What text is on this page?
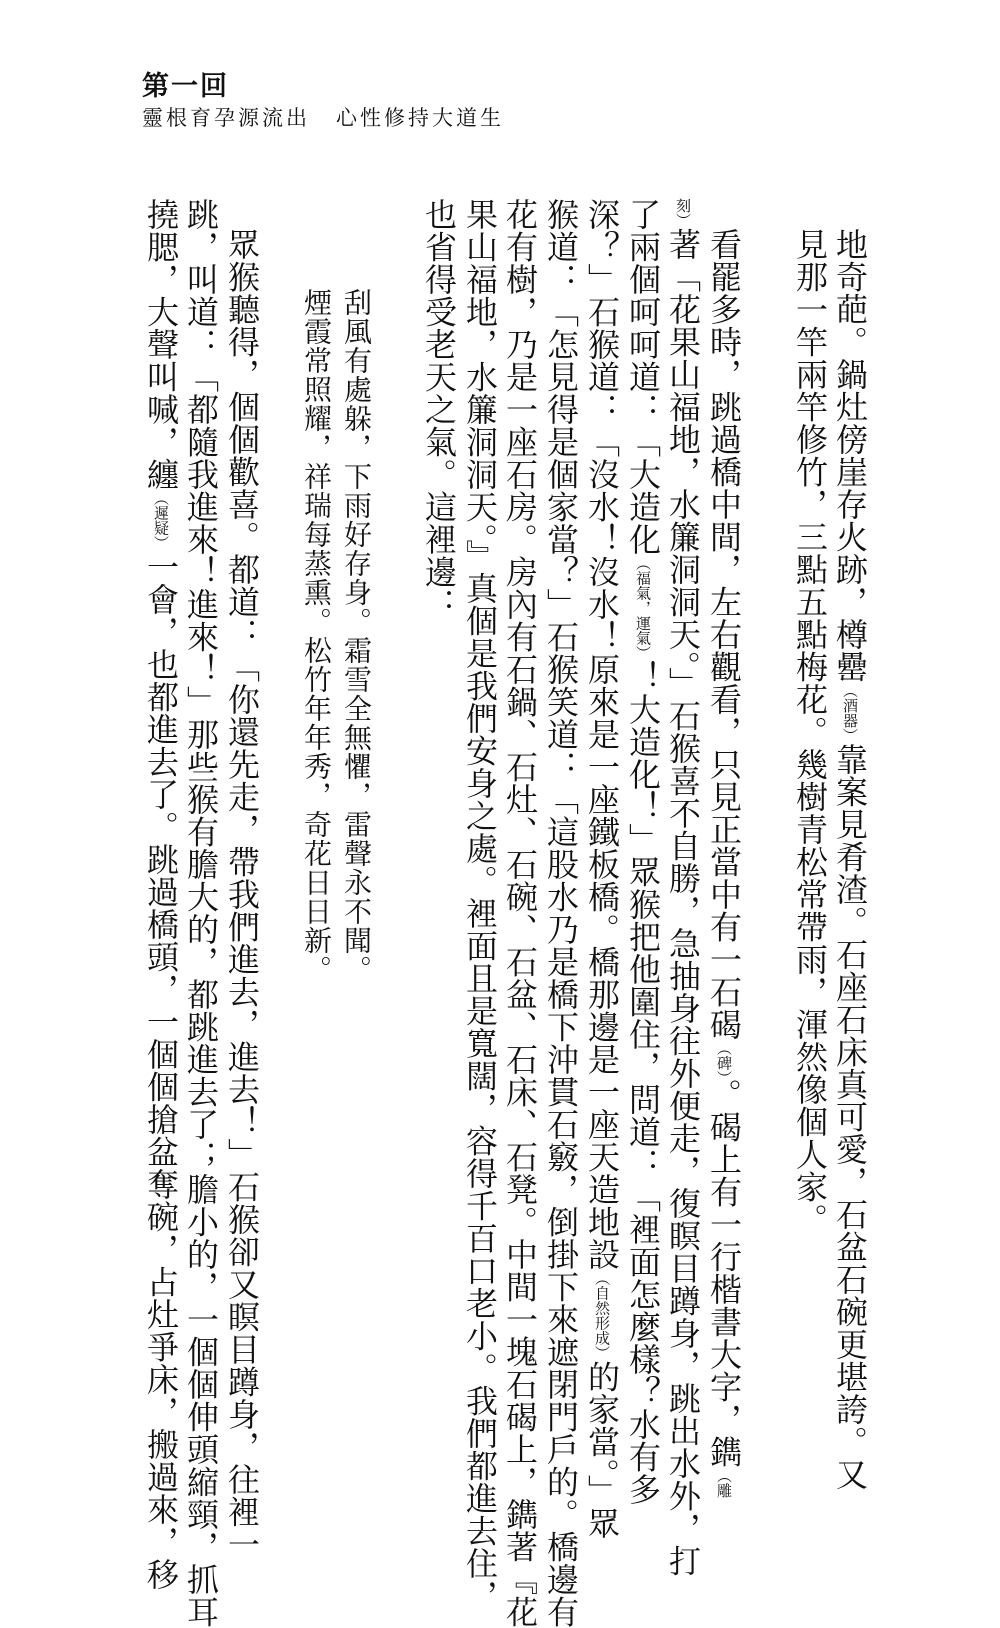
第一回
靈根育孕源流出 心性修持大道生
地奇葩。鍋灶傍崖存火跡，樽罍（酒器）靠案見肴渣。石座石床真可愛，石盆石碗更堪誇。又
見那一竿兩竿修竹，三點五點梅花。幾樹青松常帶雨，渾然像個人家。
看罷多時，跳過橋中間，左右觀看，只見正當中有一石碣（碑）。碣上有一行楷書大字，鐫（雕
刻）著「花果山福地，水簾洞洞天。」石猴喜不自勝，急抽身往外便走，復瞑目蹲身，跳出水外，打
了兩個呵呵道：「大造化（福氣，運氣）！大造化！」眾猴把他圍住，問道：「裡面怎麼樣？水有多
深？」石猴道：「沒水！沒水！原來是一座鐵板橋。橋那邊是一座天造地設（自然形成）的家當。」眾
猴道：「怎見得是個家當？」石猴笑道：「這股水乃是橋下沖貫石竅，倒掛下來遮閉門戶的。橋邊有
花有樹，乃是一座石房。房內有石鍋、石灶、石碗、石盆、石床、石凳。中間一塊石碣上，鐫著『花
果山福地，水簾洞洞天。』真個是我們安身之處。裡面且是寬闊，容得千百口老小。我們都進去住，
也省得受老天之氣。這裡邊：
刮風有處躲，下雨好存身。霜雪全無懼，雷聲永不聞。
煙霞常照耀，祥瑞每蒸熏。松竹年年秀，奇花日日新。
眾猴聽得，個個歡喜。都道：「你還先走，帶我們進去，進去！」石猴卻又瞑目蹲身，往裡一
跳，叫道：「都隨我進來！進來！」那些猴有膽大的，都跳進去了；膽小的，一個個伸頭縮頸，抓耳
撓腮，大聲叫喊，纏（遲疑）一會，也都進去了。跳過橋頭，一個個搶盆奪碗，占灶爭床，搬過來，移
